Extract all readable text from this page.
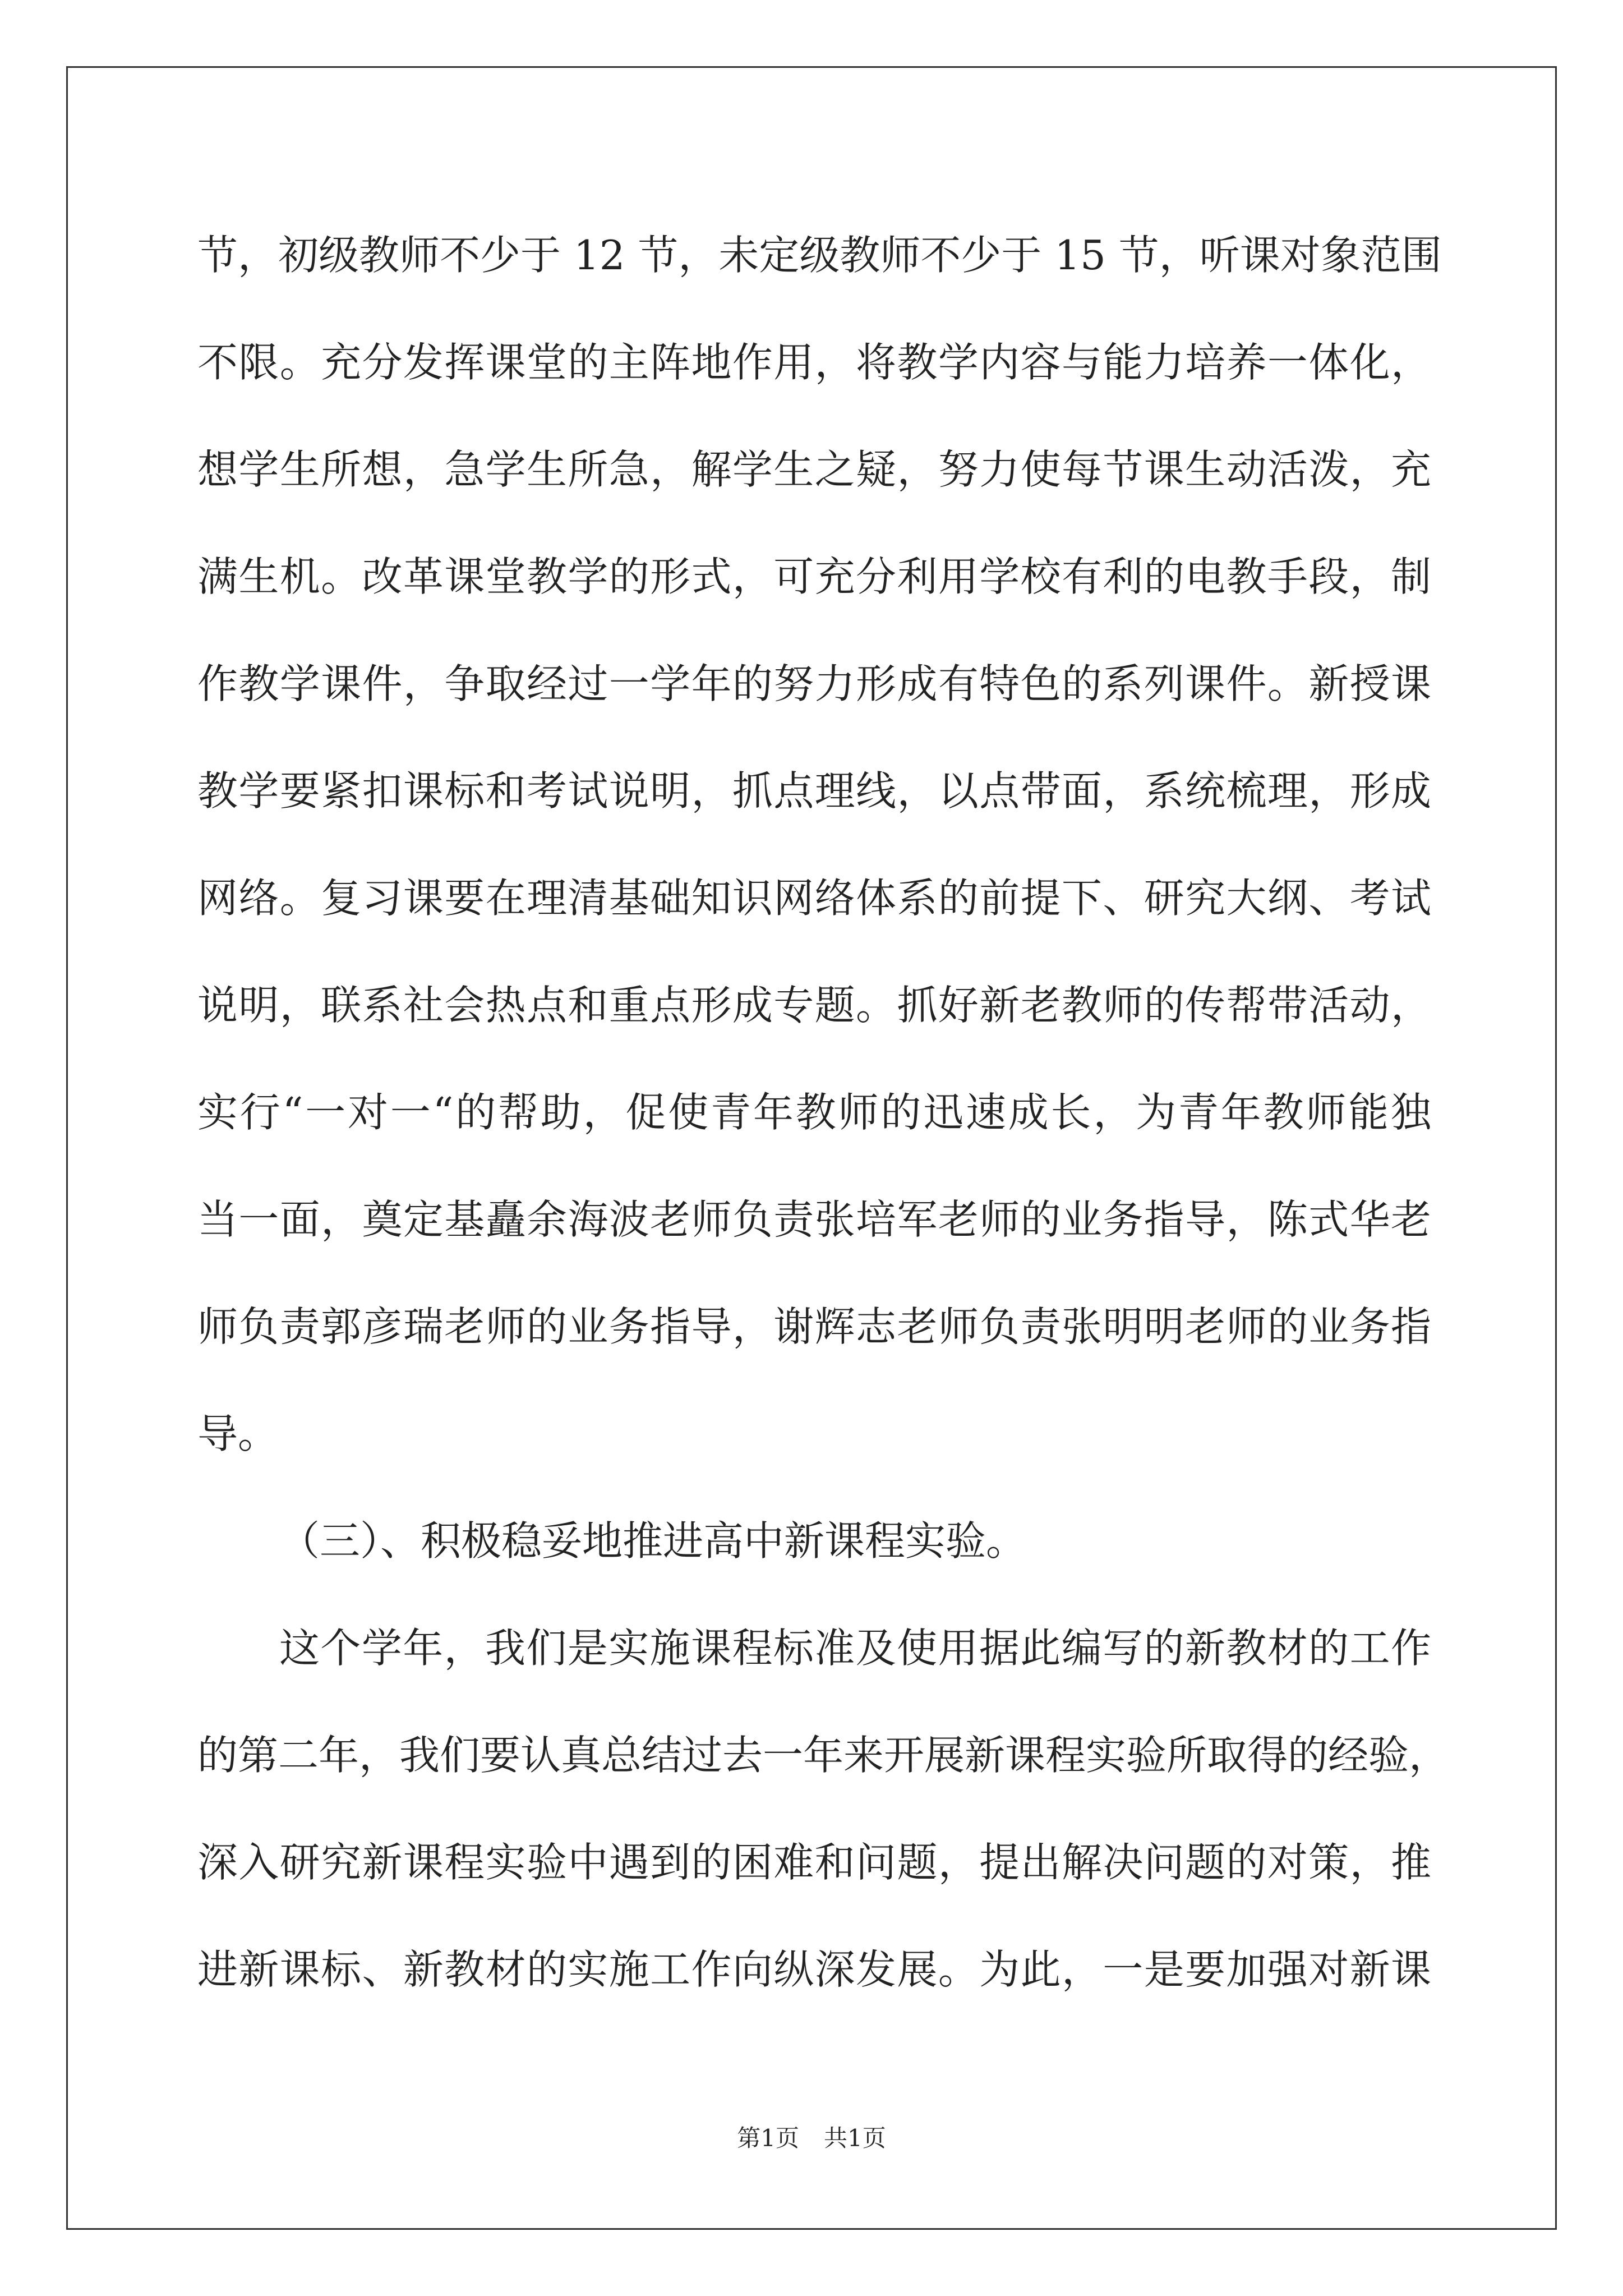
节，初级教师不少于 12 节，未定级教师不少于 15 节，听课对象范围
不限。充分发挥课堂的主阵地作用，将教学内容与能力培养一体化，
想学生所想，急学生所急，解学生之疑，努力使每节课生动活泼，充
满生机。改革课堂教学的形式，可充分利用学校有利的电教手段，制
作教学课件，争取经过一学年的努力形成有特色的系列课件。新授课
教学要紧扣课标和考试说明，抓点理线，以点带面，系统梳理，形成
网络。复习课要在理清基础知识网络体系的前提下、研究大纲、考试
说明，联系社会热点和重点形成专题。抓好新老教师的传帮带活动，
实行“一对一“的帮助，促使青年教师的迅速成长，为青年教师能独
当一面，奠定基矗余海波老师负责张培军老师的业务指导，陈式华老
师负责郭彦瑞老师的业务指导，谢辉志老师负责张明明老师的业务指
导。
（三）、积极稳妥地推进高中新课程实验。
这个学年，我们是实施课程标准及使用据此编写的新教材的工作
的第二年，我们要认真总结过去一年来开展新课程实验所取得的经验，
深入研究新课程实验中遇到的困难和问题，提出解决问题的对策，推
进新课标、新教材的实施工作向纵深发展。为此，一是要加强对新课
第1页 共1页
